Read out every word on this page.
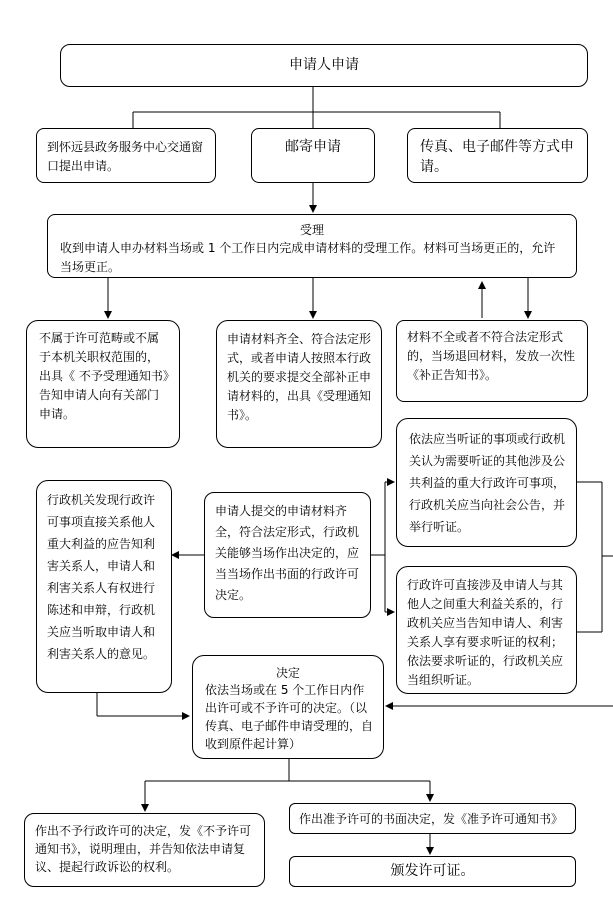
申请人申请
到怀远县政务服务中心交通窗口提出申请。
邮寄申请	传真、电子邮件等方式申请。
受理
收到申请人申办材料当场或 1 个工作日内完成申请材料的受理工作。材料可当场更正的，允许当场更正。
不属于许可范畴或不属于本机关职权范围的，出具《 不予受理通知书》告知申请人向有关部门申请。
申请材料齐全、符合法定形式，或者申请人按照本行政机关的要求提交全部补正申请材料的，出具《受理通知书》。
材料不全或者不符合法定形式的，当场退回材料，发放一次性《补正告知书》。
行政机关发现行政许可事项直接关系他人重大利益的应告知利害关系人，申请人和利害关系人有权进行陈述和申辩，行政机关应当听取申请人和利害关系人的意见。
申请人提交的申请材料齐全，符合法定形式，行政机关能够当场作出决定的，应当当场作出书面的行政许可决定。
依法应当听证的事项或行政机关认为需要听证的其他涉及公共利益的重大行政许可事项，行政机关应当向社会公告，并举行听证。
行政许可直接涉及申请人与其他人之间重大利益关系的，行政机关应当告知申请人、利害关系人享有要求听证的权利；依法要求听证的，行政机关应当组织听证。
决定
依法当场或在 5 个工作日内作出许可或不予许可的决定。（以传真、电子邮件申请受理的，自收到原件起计算）
作出不予行政许可的决定，发《不予许可通知书》，说明理由，并告知依法申请复议、提起行政诉讼的权利。
作出准予许可的书面决定，发《准予许可通知书》
颁发许可证。
